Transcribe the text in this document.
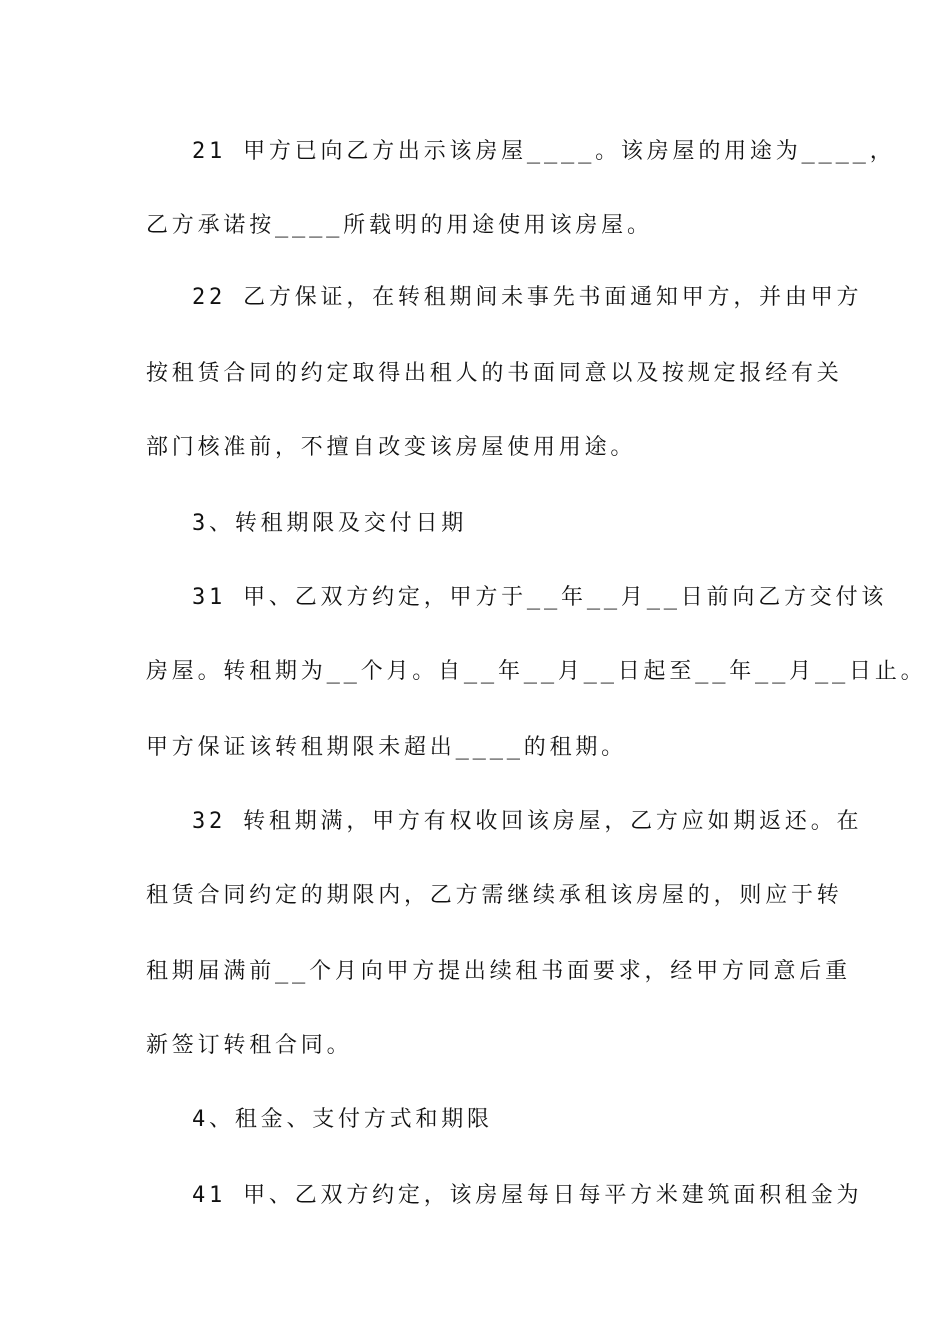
21 甲方已向乙方出示该房屋____。该房屋的用途为____，
乙方承诺按____所载明的用途使用该房屋。
22 乙方保证，在转租期间未事先书面通知甲方，并由甲方
按租赁合同的约定取得出租人的书面同意以及按规定报经有关
部门核准前，不擅自改变该房屋使用用途。
3、转租期限及交付日期
31 甲、乙双方约定，甲方于__年__月__日前向乙方交付该
房屋。转租期为__个月。自__年__月__日起至__年__月__日止。
甲方保证该转租期限未超出____的租期。
32 转租期满，甲方有权收回该房屋，乙方应如期返还。在
租赁合同约定的期限内，乙方需继续承租该房屋的，则应于转
租期届满前__个月向甲方提出续租书面要求，经甲方同意后重
新签订转租合同。
4、租金、支付方式和期限
41 甲、乙双方约定，该房屋每日每平方米建筑面积租金为
